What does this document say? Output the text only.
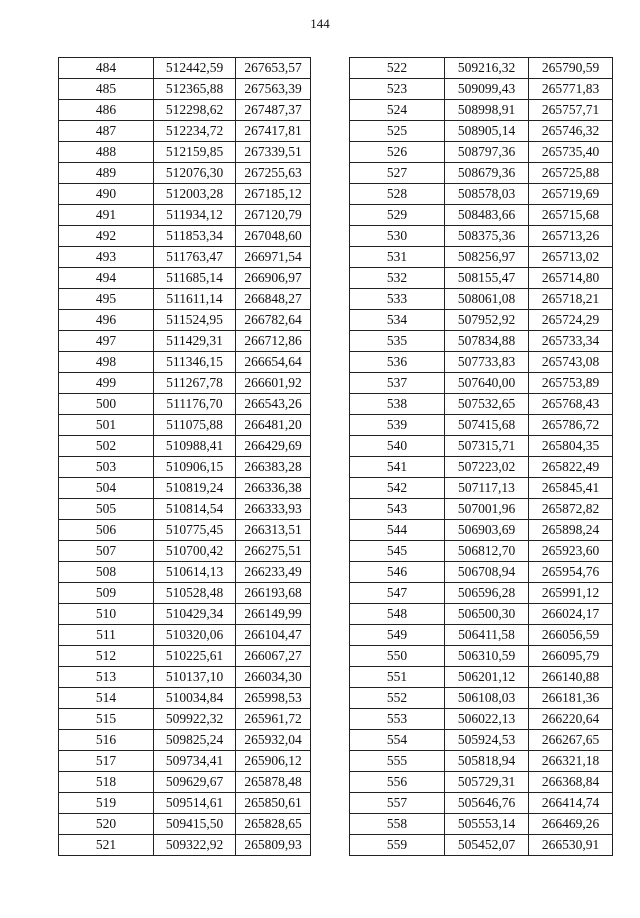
144
484	512442,59	267653,57
485	512365,88	267563,39
486	512298,62	267487,37
487	512234,72	267417,81
488	512159,85	267339,51
489	512076,30	267255,63
490	512003,28	267185,12
491	511934,12	267120,79
492	511853,34	267048,60
493	511763,47	266971,54
494	511685,14	266906,97
495	511611,14	266848,27
496	511524,95	266782,64
497	511429,31	266712,86
498	511346,15	266654,64
499	511267,78	266601,92
500	511176,70	266543,26
501	511075,88	266481,20
502	510988,41	266429,69
503	510906,15	266383,28
504	510819,24	266336,38
505	510814,54	266333,93
506	510775,45	266313,51
507	510700,42	266275,51
508	510614,13	266233,49
509	510528,48	266193,68
510	510429,34	266149,99
511	510320,06	266104,47
512	510225,61	266067,27
513	510137,10	266034,30
514	510034,84	265998,53
515	509922,32	265961,72
516	509825,24	265932,04
517	509734,41	265906,12
518	509629,67	265878,48
519	509514,61	265850,61
520	509415,50	265828,65
521	509322,92	265809,93
522	509216,32	265790,59
523	509099,43	265771,83
524	508998,91	265757,71
525	508905,14	265746,32
526	508797,36	265735,40
527	508679,36	265725,88
528	508578,03	265719,69
529	508483,66	265715,68
530	508375,36	265713,26
531	508256,97	265713,02
532	508155,47	265714,80
533	508061,08	265718,21
534	507952,92	265724,29
535	507834,88	265733,34
536	507733,83	265743,08
537	507640,00	265753,89
538	507532,65	265768,43
539	507415,68	265786,72
540	507315,71	265804,35
541	507223,02	265822,49
542	507117,13	265845,41
543	507001,96	265872,82
544	506903,69	265898,24
545	506812,70	265923,60
546	506708,94	265954,76
547	506596,28	265991,12
548	506500,30	266024,17
549	506411,58	266056,59
550	506310,59	266095,79
551	506201,12	266140,88
552	506108,03	266181,36
553	506022,13	266220,64
554	505924,53	266267,65
555	505818,94	266321,18
556	505729,31	266368,84
557	505646,76	266414,74
558	505553,14	266469,26
559	505452,07	266530,91
